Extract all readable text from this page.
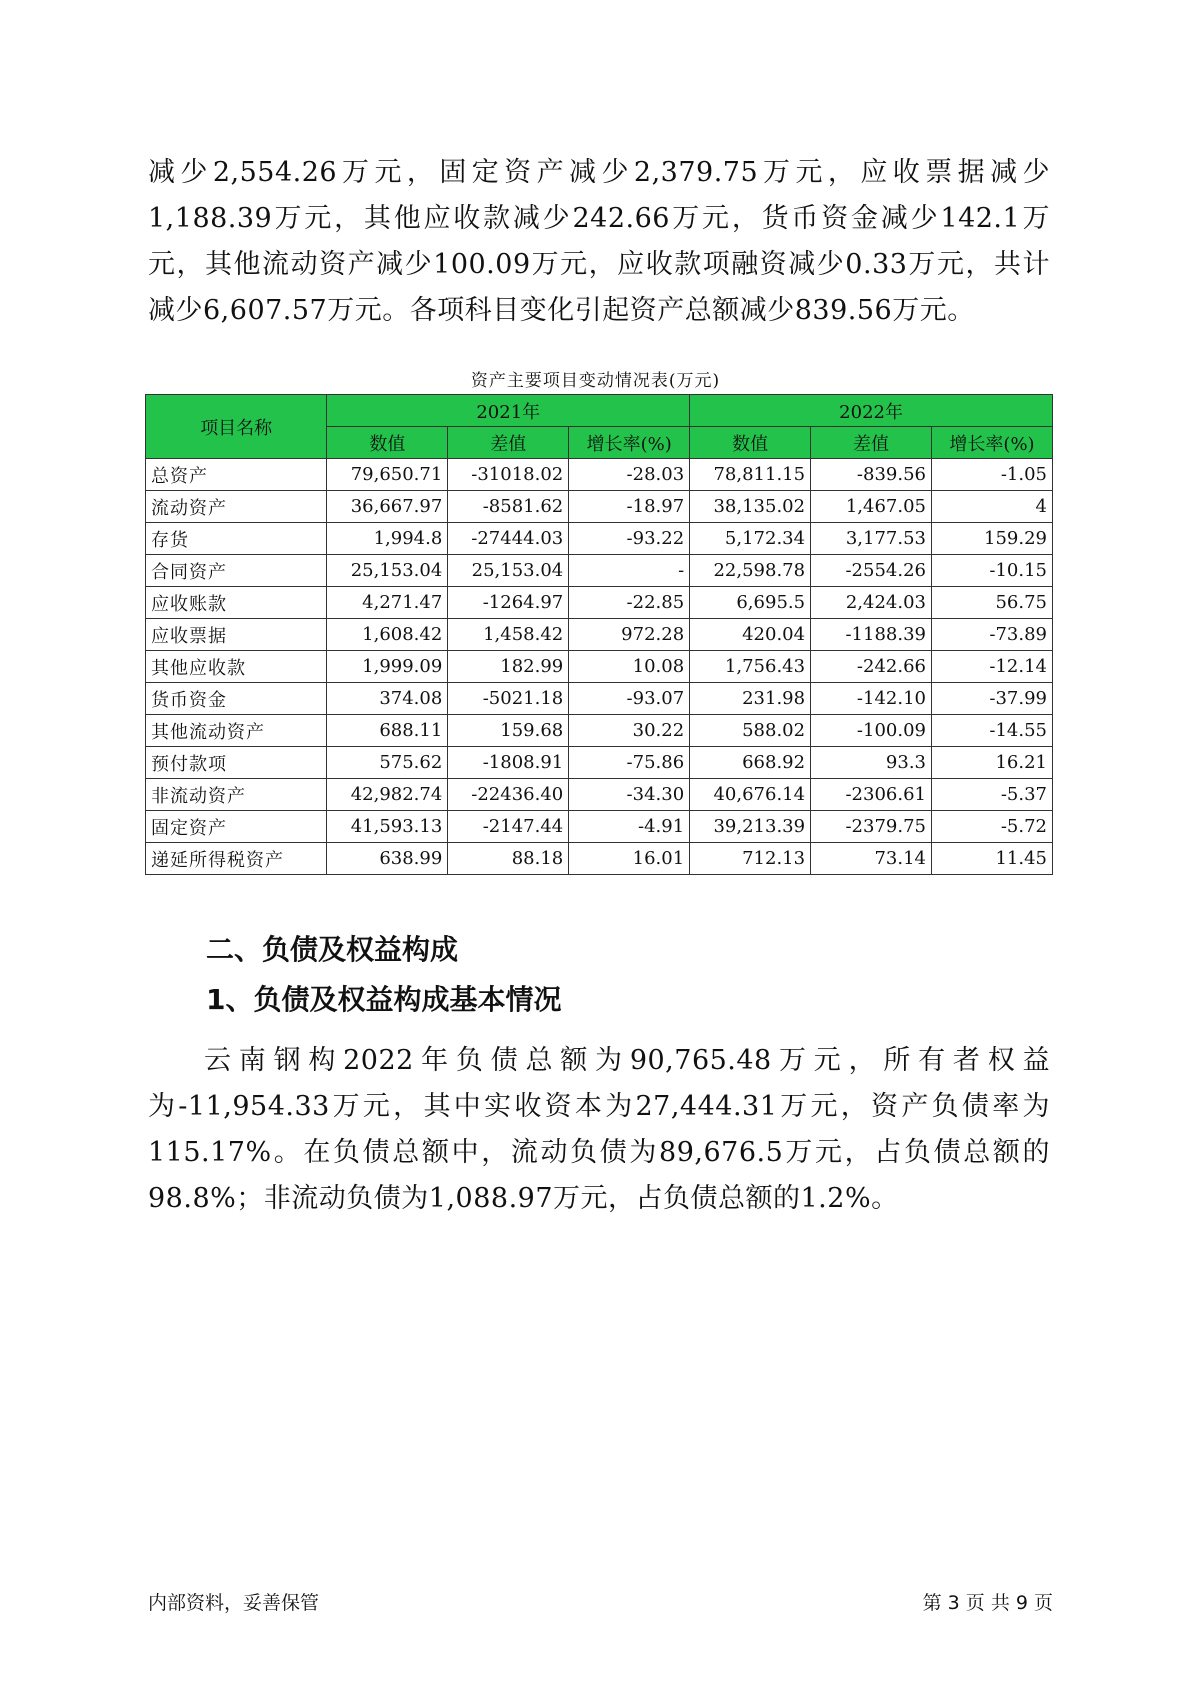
减少2,554.26万元，固定资产减少2,379.75万元，应收票据减少1,188.39万元，其他应收款减少242.66万元，货币资金减少142.1万元，其他流动资产减少100.09万元，应收款项融资减少0.33万元，共计减少6,607.57万元。各项科目变化引起资产总额减少839.56万元。

资产主要项目变动情况表(万元)
项目名称	2021年			2022年		
	数值	差值	增长率(%)	数值	差值	增长率(%)
总资产	79,650.71	-31018.02	-28.03	78,811.15	-839.56	-1.05
流动资产	36,667.97	-8581.62	-18.97	38,135.02	1,467.05	4
存货	1,994.8	-27444.03	-93.22	5,172.34	3,177.53	159.29
合同资产	25,153.04	25,153.04	-	22,598.78	-2554.26	-10.15
应收账款	4,271.47	-1264.97	-22.85	6,695.5	2,424.03	56.75
应收票据	1,608.42	1,458.42	972.28	420.04	-1188.39	-73.89
其他应收款	1,999.09	182.99	10.08	1,756.43	-242.66	-12.14
货币资金	374.08	-5021.18	-93.07	231.98	-142.10	-37.99
其他流动资产	688.11	159.68	30.22	588.02	-100.09	-14.55
预付款项	575.62	-1808.91	-75.86	668.92	93.3	16.21
非流动资产	42,982.74	-22436.40	-34.30	40,676.14	-2306.61	-5.37
固定资产	41,593.13	-2147.44	-4.91	39,213.39	-2379.75	-5.72
递延所得税资产	638.99	88.18	16.01	712.13	73.14	11.45
二、负债及权益构成
1、负债及权益构成基本情况

云南钢构2022年负债总额为90,765.48万元，所有者权益为-11,954.33万元，其中实收资本为27,444.31万元，资产负债率为115.17%。在负债总额中，流动负债为89,676.5万元，占负债总额的98.8%；非流动负债为1,088.97万元，占负债总额的1.2%。

内部资料，妥善保管	第 3 页 共 9 页
